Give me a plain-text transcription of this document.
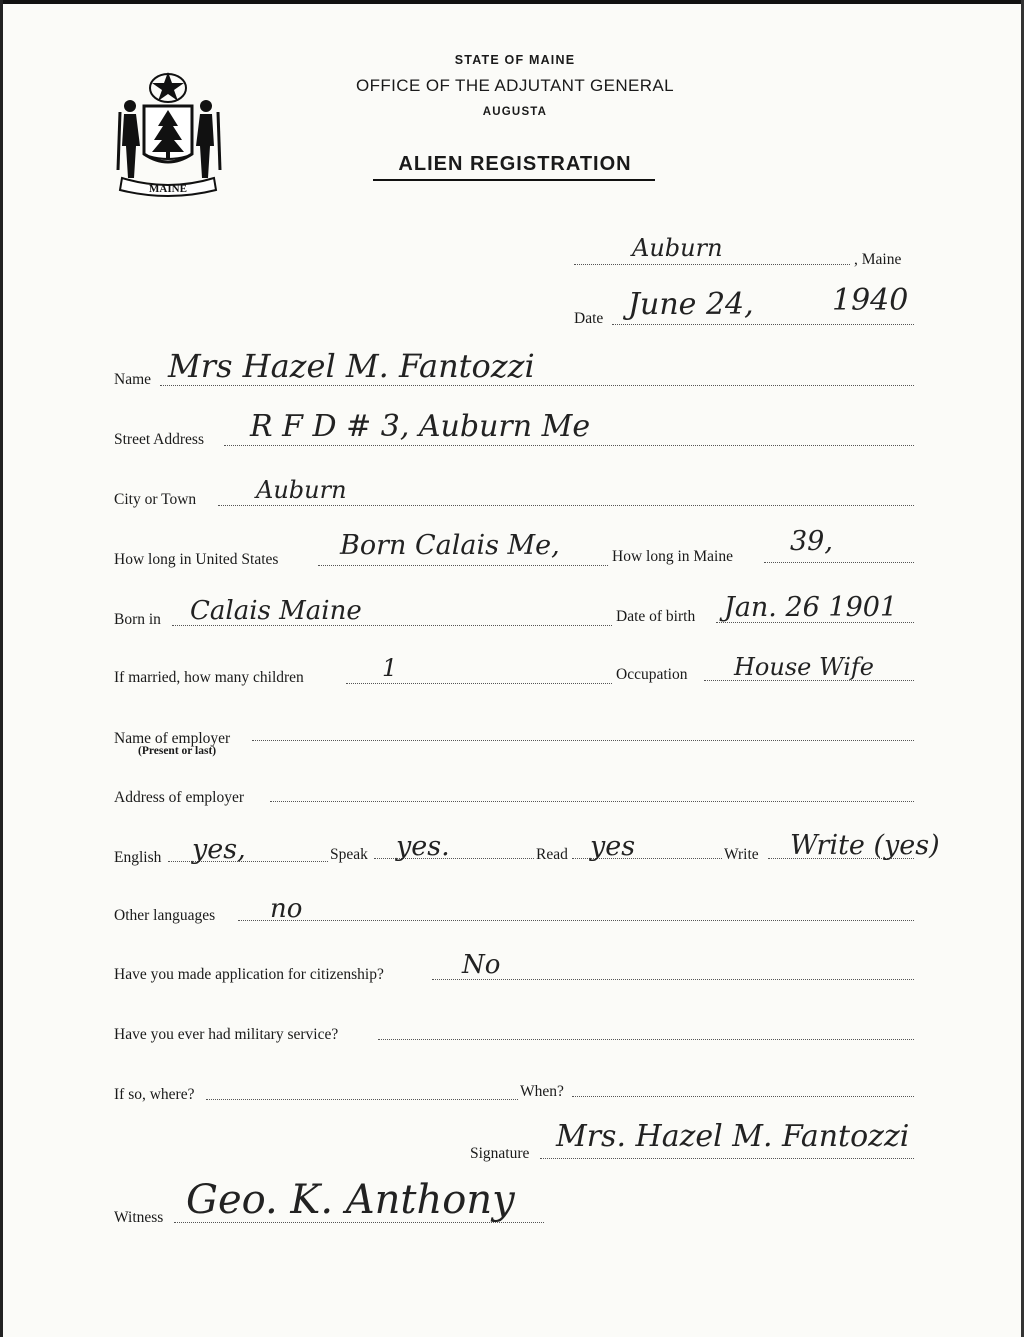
MAINE
STATE OF MAINE
OFFICE OF THE ADJUTANT GENERAL
AUGUSTA
ALIEN REGISTRATION
Auburn	, Maine
Date June 24,	1940
Name Mrs Hazel M. Fantozzi
Street Address R F D # 3, Auburn Me
City or Town Auburn
How long in United States Born Calais Me,	How long in Maine 39,
Born in Calais Maine	Date of birth Jan. 26 1901
If married, how many children	1	Occupation House Wife
Name of employer
(Present or last)
Address of employer
English yes,	Speak yes.	Read yes	Write Write (yes)
Other languages no
Have you made application for citizenship?	No
Have you ever had military service?
If so, where?	When?
Signature Mrs. Hazel M. Fantozzi
Witness Geo. K. Anthony
